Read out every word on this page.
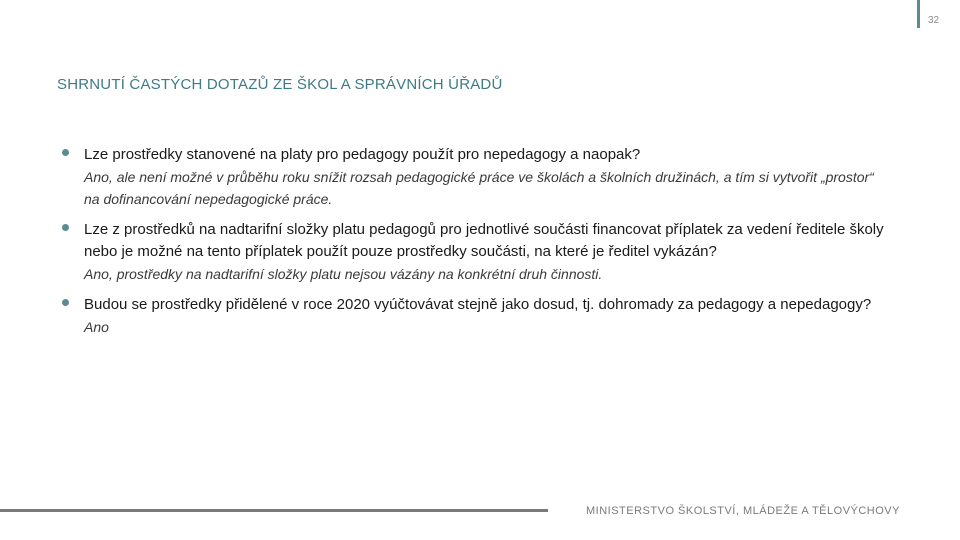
32
SHRNUTÍ ČASTÝCH DOTAZŮ ZE ŠKOL A SPRÁVNÍCH ÚŘADŮ
Lze prostředky stanovené na platy pro pedagogy použít pro nepedagogy a naopak?
Ano, ale není možné v průběhu roku snížit rozsah pedagogické práce ve školách a školních družinách, a tím si vytvořit „prostor“ na dofinancování nepedagogické práce.
Lze z prostředků na nadtarifní složky platu pedagogů pro jednotlivé součásti financovat příplatek za vedení ředitele školy nebo je možné na tento příplatek použít pouze prostředky součásti, na které je ředitel vykázán?
Ano, prostředky na nadtarifní složky platu nejsou vázány na konkrétní druh činnosti.
Budou se prostředky přidělené v roce 2020 vyúčtovávat stejně jako dosud, tj. dohromady za pedagogy a nepedagogy?
Ano
MINISTERSTVO ŠKOLSTVÍ, MLÁDEŽE A TĚLOVÝCHOVY
